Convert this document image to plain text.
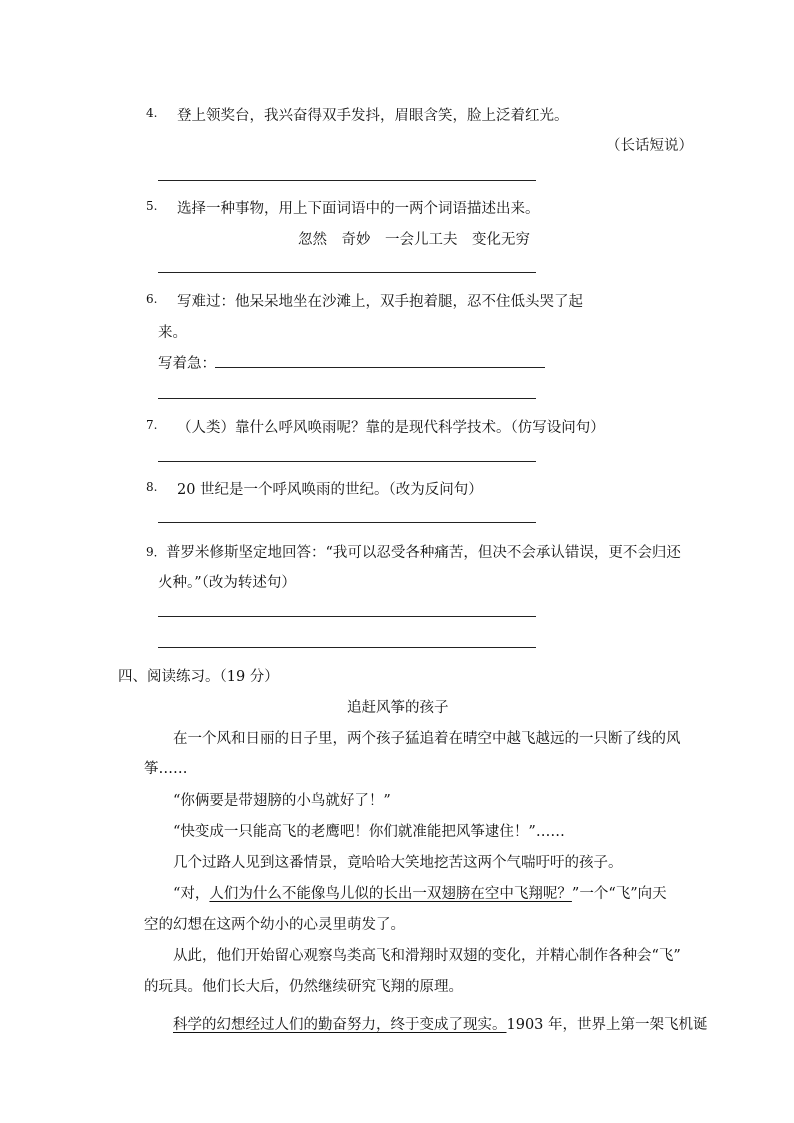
4. 登上领奖台，我兴奋得双手发抖，眉眼含笑，脸上泛着红光。
（长话短说）
5. 选择一种事物，用上下面词语中的一两个词语描述出来。
忽然　奇妙　一会儿工夫　变化无穷
6. 写难过：他呆呆地坐在沙滩上，双手抱着腿，忍不住低头哭了起
来。
写着急：
7. （人类）靠什么呼风唤雨呢？靠的是现代科学技术。（仿写设问句）
8. 20 世纪是一个呼风唤雨的世纪。（改为反问句）
9． 普罗米修斯坚定地回答：“我可以忍受各种痛苦，但决不会承认错误，更不会归还
火种。”（改为转述句）
四、阅读练习。（19 分）
追赶风筝的孩子
在一个风和日丽的日子里，两个孩子猛追着在晴空中越飞越远的一只断了线的风
筝……
“你俩要是带翅膀的小鸟就好了！”
“快变成一只能高飞的老鹰吧！你们就准能把风筝逮住！”……
几个过路人见到这番情景，竟哈哈大笑地挖苦这两个气喘吁吁的孩子。
“对，人们为什么不能像鸟儿似的长出一双翅膀在空中飞翔呢？”一个“飞”向天
空的幻想在这两个幼小的心灵里萌发了。
从此，他们开始留心观察鸟类高飞和滑翔时双翅的变化，并精心制作各种会“飞”
的玩具。他们长大后，仍然继续研究飞翔的原理。
科学的幻想经过人们的勤奋努力，终于变成了现实。1903 年，世界上第一架飞机诞
